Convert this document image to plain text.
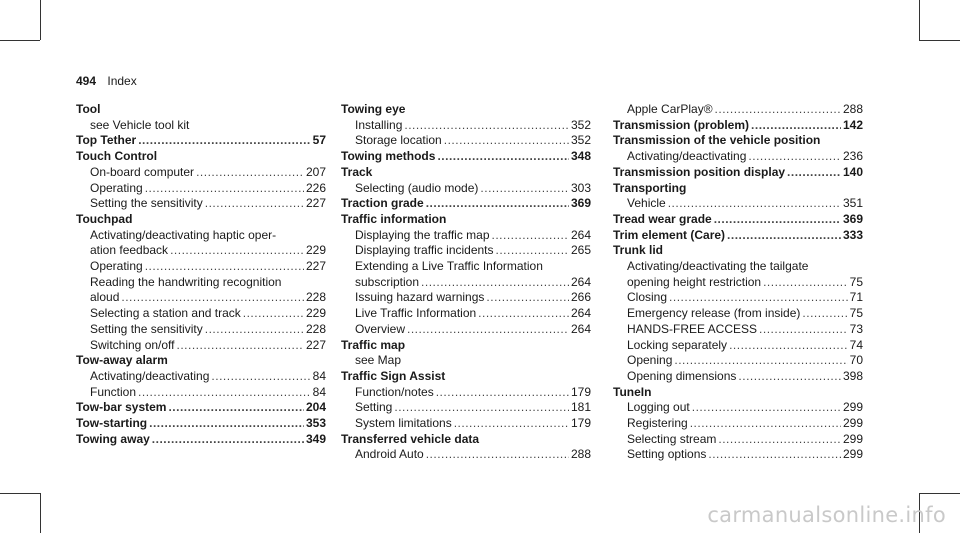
494 Index
Tool
see Vehicle tool kit
Top Tether .....	57
Touch Control
On-board computer .....	207
Operating .....	226
Setting the sensitivity .....	227
Touchpad
Activating/deactivating haptic oper-
ation feedback .....	229
Operating .....	227
Reading the handwriting recognition
aloud .....	228
Selecting a station and track .....	229
Setting the sensitivity .....	228
Switching on/off .....	227
Tow-away alarm
Activating/deactivating .....	84
Function .....	84
Tow-bar system .....	204
Tow-starting .....	353
Towing away .....	349
Towing eye
Installing .....	352
Storage location .....	352
Towing methods .....	348
Track
Selecting (audio mode) .....	303
Traction grade .....	369
Traffic information
Displaying the traffic map .....	264
Displaying traffic incidents .....	265
Extending a Live Traffic Information
subscription .....	264
Issuing hazard warnings .....	266
Live Traffic Information .....	264
Overview .....	264
Traffic map
see Map
Traffic Sign Assist
Function/notes .....	179
Setting .....	181
System limitations .....	179
Transferred vehicle data
Android Auto .....	288
Apple CarPlay® .....	288
Transmission (problem) .....	142
Transmission of the vehicle position
Activating/deactivating .....	236
Transmission position display .....	140
Transporting
Vehicle .....	351
Tread wear grade .....	369
Trim element (Care) .....	333
Trunk lid
Activating/deactivating the tailgate
opening height restriction .....	75
Closing .....	71
Emergency release (from inside) .....	75
HANDS-FREE ACCESS .....	73
Locking separately .....	74
Opening .....	70
Opening dimensions .....	398
TuneIn
Logging out .....	299
Registering .....	299
Selecting stream .....	299
Setting options .....	299
carmanualsonline.info
